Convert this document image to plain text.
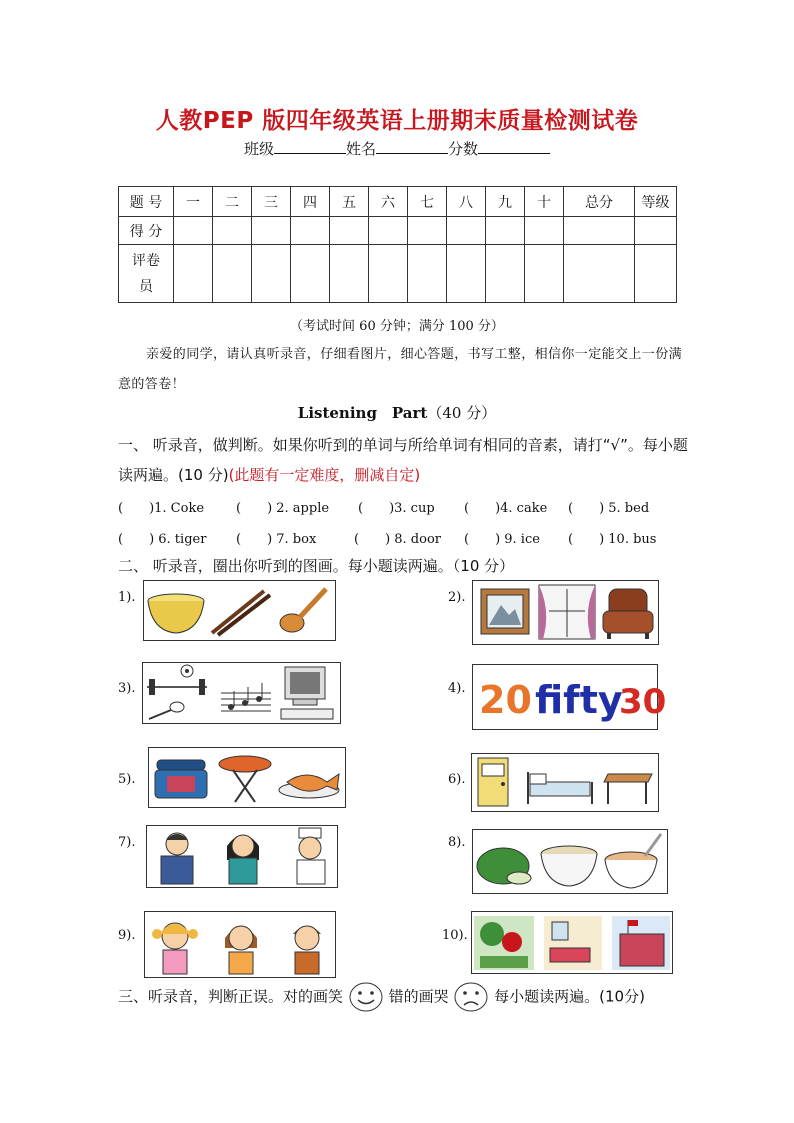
人教PEP 版四年级英语上册期末质量检测试卷
班级	姓名	分数
题 号	一	二	三	四	五	六	七	八	九	十	总分	等级
得 分												
评卷
员												
（考试时间 60 分钟；满分 100 分）
亲爱的同学，请认真听录音，仔细看图片，细心答题，书写工整，相信你一定能交上一份满意的答卷！
Listening　Part（40 分）
一、 听录音，做判断。如果你听到的单词与所给单词有相同的音素，请打“√”。每小题读两遍。(10 分)(此题有一定难度，删减自定)
(　　)1. Coke (　　) 2. apple (　　)3. cup (　　)4. cake (　　) 5. bed
(　　) 6. tiger (　　) 7. box	(　　) 8. door (　　) 9. ice (　　) 10. bus
二、 听录音，圈出你听到的图画。每小题读两遍。（10 分）
1).	2).
3).	4).
5).	6).
7).	8).
9).	10).
20 fifty
30
三、听录音，判断正误。对的画笑	错的画哭	每小题读两遍。(10分)
